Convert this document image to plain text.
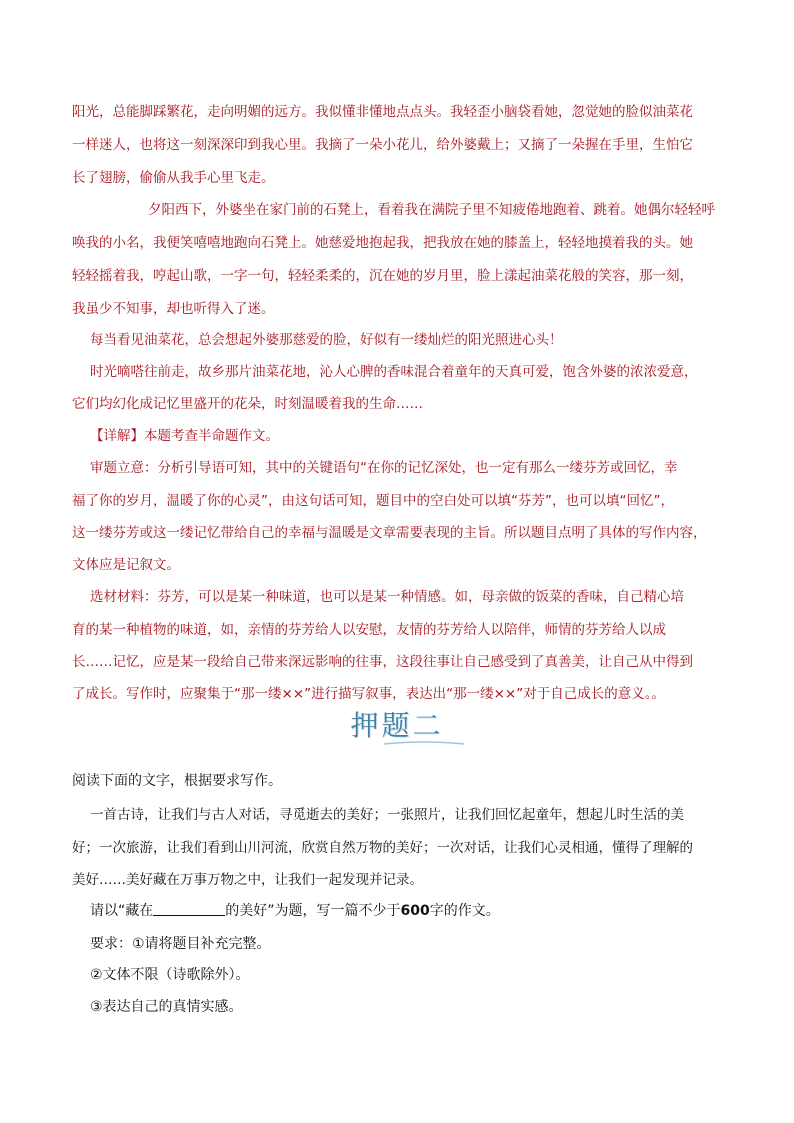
阳光，总能脚踩繁花，走向明媚的远方。我似懂非懂地点点头。我轻歪小脑袋看她，忽觉她的脸似油菜花
一样迷人，也将这一刻深深印到我心里。我摘了一朵小花儿，给外婆戴上；又摘了一朵握在手里，生怕它
长了翅膀，偷偷从我手心里飞走。
夕阳西下，外婆坐在家门前的石凳上，看着我在满院子里不知疲倦地跑着、跳着。她偶尔轻轻呼
唤我的小名，我便笑嘻嘻地跑向石凳上。她慈爱地抱起我，把我放在她的膝盖上，轻轻地摸着我的头。她
轻轻摇着我，哼起山歌，一字一句，轻轻柔柔的，沉在她的岁月里，脸上漾起油菜花般的笑容，那一刻，
我虽少不知事，却也听得入了迷。
每当看见油菜花，总会想起外婆那慈爱的脸，好似有一缕灿烂的阳光照进心头！
时光嘀嗒往前走，故乡那片油菜花地，沁人心脾的香味混合着童年的天真可爱，饱含外婆的浓浓爱意，
它们均幻化成记忆里盛开的花朵，时刻温暖着我的生命……
【详解】本题考查半命题作文。
审题立意：分析引导语可知，其中的关键语句“在你的记忆深处，也一定有那么一缕芬芳或回忆，幸
福了你的岁月，温暖了你的心灵”，由这句话可知，题目中的空白处可以填“芬芳”，也可以填“回忆”，
这一缕芬芳或这一缕记忆带给自己的幸福与温暖是文章需要表现的主旨。所以题目点明了具体的写作内容，
文体应是记叙文。
选材材料：芬芳，可以是某一种味道，也可以是某一种情感。如，母亲做的饭菜的香味，自己精心培
育的某一种植物的味道，如，亲情的芬芳给人以安慰，友情的芬芳给人以陪伴，师情的芬芳给人以成
长……记忆，应是某一段给自己带来深远影响的往事，这段往事让自己感受到了真善美，让自己从中得到
了成长。写作时，应聚集于“那一缕××”进行描写叙事，表达出“那一缕××”对于自己成长的意义。。
押题二
阅读下面的文字，根据要求写作。
一首古诗，让我们与古人对话，寻觅逝去的美好；一张照片，让我们回忆起童年，想起儿时生活的美
好；一次旅游，让我们看到山川河流，欣赏自然万物的美好；一次对话，让我们心灵相通，懂得了理解的
美好……美好藏在万事万物之中，让我们一起发现并记录。
请以“藏在	的美好”为题，写一篇不少于600字的作文。
要求：①请将题目补充完整。
②文体不限（诗歌除外）。
③表达自己的真情实感。
